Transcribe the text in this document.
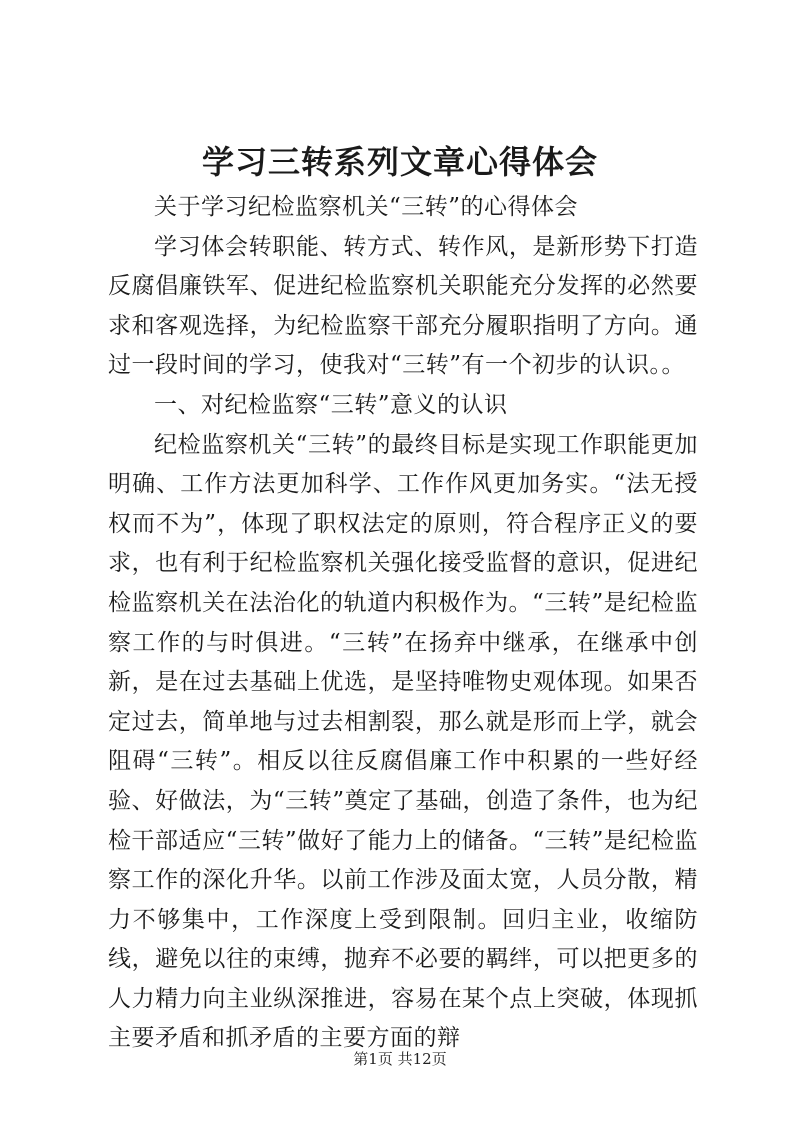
学习三转系列文章心得体会

关于学习纪检监察机关“三转”的心得体会

学习体会转职能、转方式、转作风，是新形势下打造反腐倡廉铁军、促进纪检监察机关职能充分发挥的必然要求和客观选择，为纪检监察干部充分履职指明了方向。通过一段时间的学习，使我对“三转”有一个初步的认识。。

一、对纪检监察“三转”意义的认识

纪检监察机关“三转”的最终目标是实现工作职能更加明确、工作方法更加科学、工作作风更加务实。“法无授权而不为”，体现了职权法定的原则，符合程序正义的要求，也有利于纪检监察机关强化接受监督的意识，促进纪检监察机关在法治化的轨道内积极作为。“三转”是纪检监察工作的与时俱进。“三转”在扬弃中继承，在继承中创新，是在过去基础上优选，是坚持唯物史观体现。如果否定过去，简单地与过去相割裂，那么就是形而上学，就会阻碍“三转”。相反以往反腐倡廉工作中积累的一些好经验、好做法，为“三转”奠定了基础，创造了条件，也为纪检干部适应“三转”做好了能力上的储备。“三转”是纪检监察工作的深化升华。以前工作涉及面太宽，人员分散，精力不够集中，工作深度上受到限制。回归主业，收缩防线，避免以往的束缚，抛弃不必要的羁绊，可以把更多的人力精力向主业纵深推进，容易在某个点上突破，体现抓主要矛盾和抓矛盾的主要方面的辩

第1页 共12页
